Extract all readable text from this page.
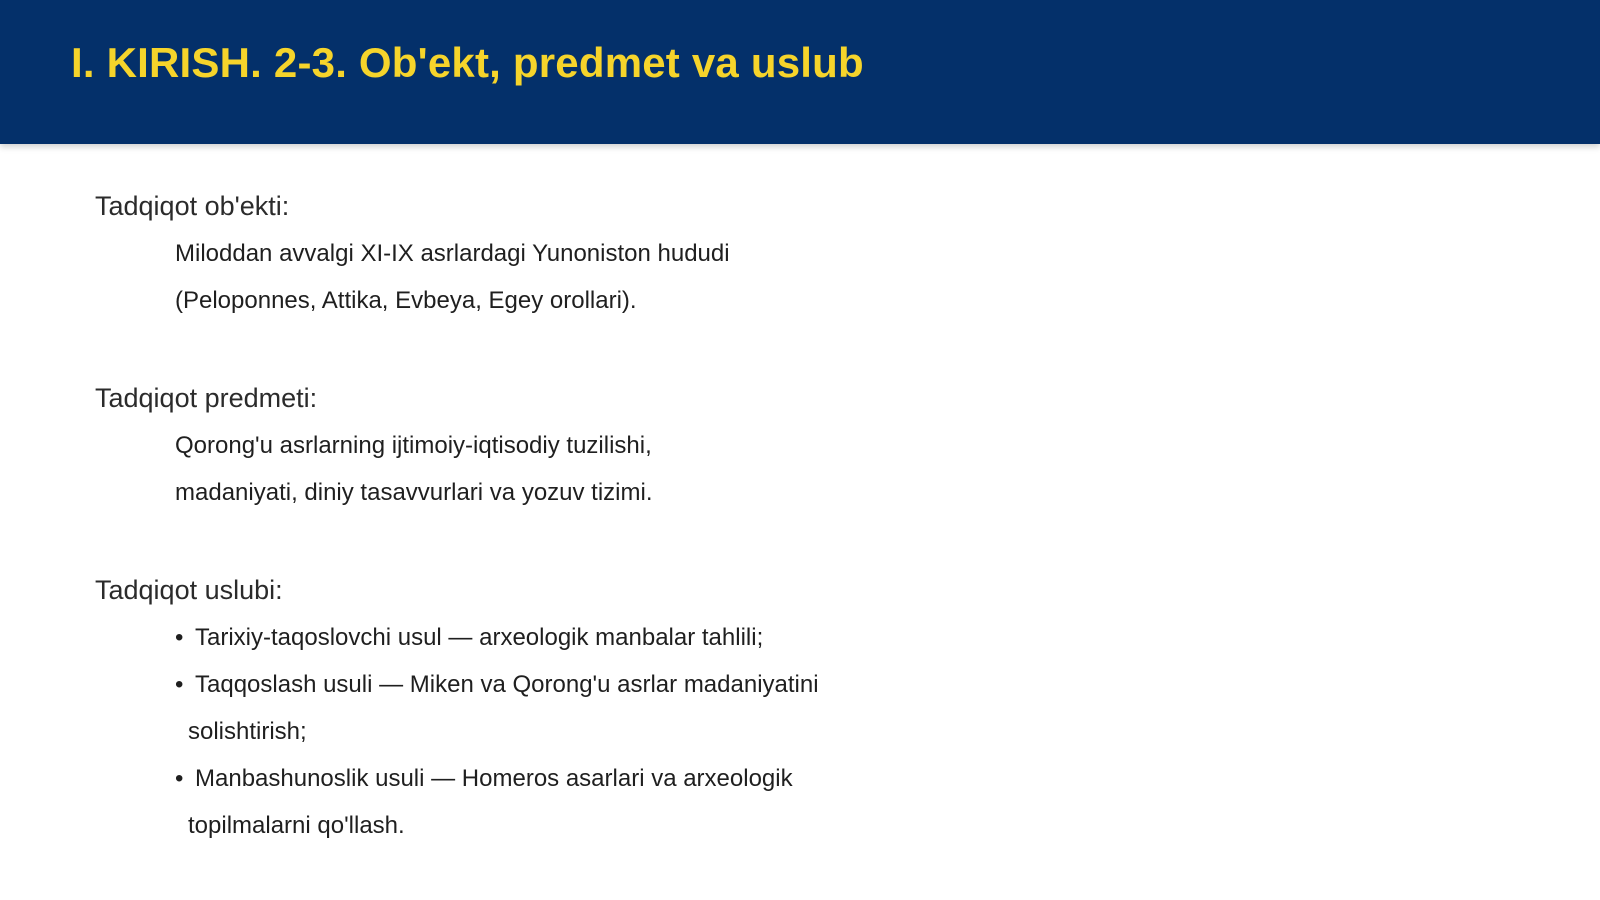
I. KIRISH. 2-3. Ob'ekt, predmet va uslub
Tadqiqot ob'ekti:
Miloddan avvalgi XI-IX asrlardagi Yunoniston hududi
(Peloponnes, Attika, Evbeya, Egey orollari).
Tadqiqot predmeti:
Qorong'u asrlarning ijtimoiy-iqtisodiy tuzilishi,
madaniyati, diniy tasavvurlari va yozuv tizimi.
Tadqiqot uslubi:
• Tarixiy-taqoslovchi usul — arxeologik manbalar tahlili;
• Taqqoslash usuli — Miken va Qorong'u asrlar madaniyatini
solishtirish;
• Manbashunoslik usuli — Homeros asarlari va arxeologik
topilmalarni qo'llash.
